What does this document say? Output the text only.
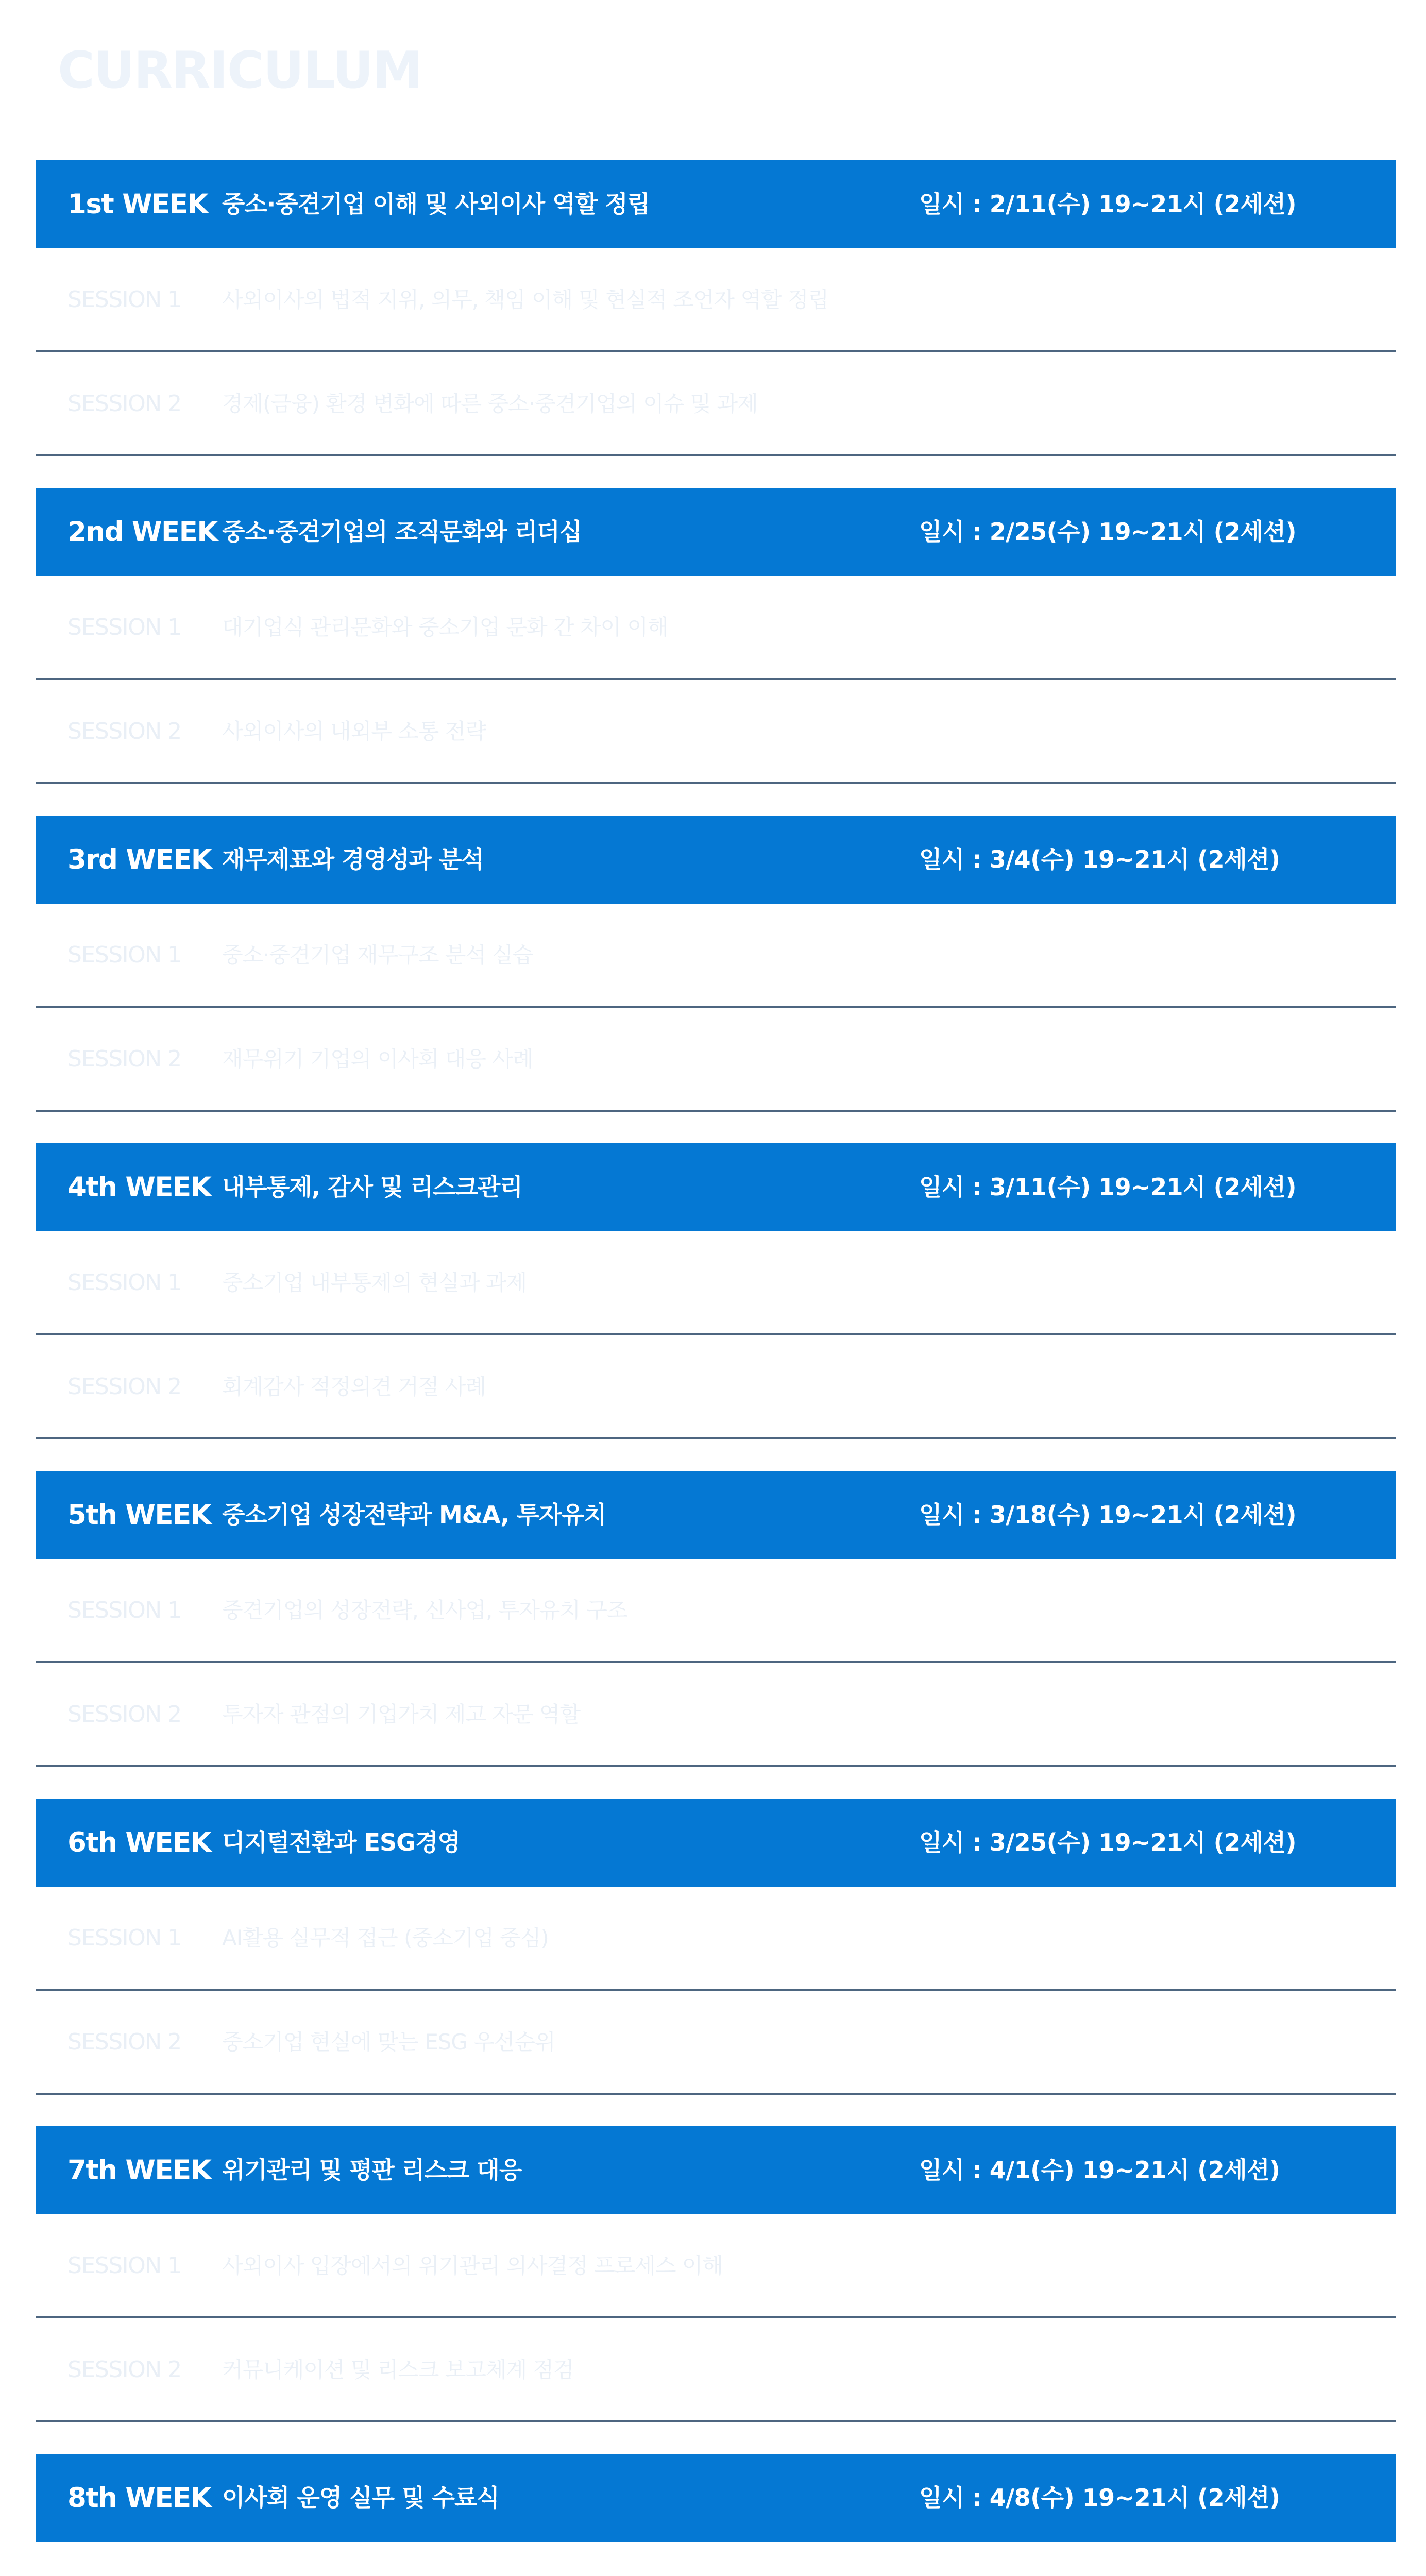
CURRICULUM
1st WEEK 중소·중견기업 이해 및 사외이사 역할 정립	일시 : 2/11(수) 19~21시 (2세션)
SESSION 1 사외이사의 법적 지위, 의무, 책임 이해 및 현실적 조언자 역할 정립
SESSION 2 경제(금융) 환경 변화에 따른 중소·중견기업의 이슈 및 과제
2nd WEEK 중소·중견기업의 조직문화와 리더십	일시 : 2/25(수) 19~21시 (2세션)
SESSION 1 대기업식 관리문화와 중소기업 문화 간 차이 이해
SESSION 2 사외이사의 내외부 소통 전략
3rd WEEK 재무제표와 경영성과 분석	일시 : 3/4(수) 19~21시 (2세션)
SESSION 1 중소·중견기업 재무구조 분석 실습
SESSION 2 재무위기 기업의 이사회 대응 사례
4th WEEK 내부통제, 감사 및 리스크관리	일시 : 3/11(수) 19~21시 (2세션)
SESSION 1 중소기업 내부통제의 현실과 과제
SESSION 2 회계감사 적정의견 거절 사례
5th WEEK 중소기업 성장전략과 M&A, 투자유치	일시 : 3/18(수) 19~21시 (2세션)
SESSION 1 중견기업의 성장전략, 신사업, 투자유치 구조
SESSION 2 투자자 관점의 기업가치 제고 자문 역할
6th WEEK 디지털전환과 ESG경영	일시 : 3/25(수) 19~21시 (2세션)
SESSION 1 AI활용 실무적 접근 (중소기업 중심)
SESSION 2 중소기업 현실에 맞는 ESG 우선순위
7th WEEK 위기관리 및 평판 리스크 대응	일시 : 4/1(수) 19~21시 (2세션)
SESSION 1 사외이사 입장에서의 위기관리 의사결정 프로세스 이해
SESSION 2 커뮤니케이션 및 리스크 보고체계 점검
8th WEEK 이사회 운영 실무 및 수료식	일시 : 4/8(수) 19~21시 (2세션)
